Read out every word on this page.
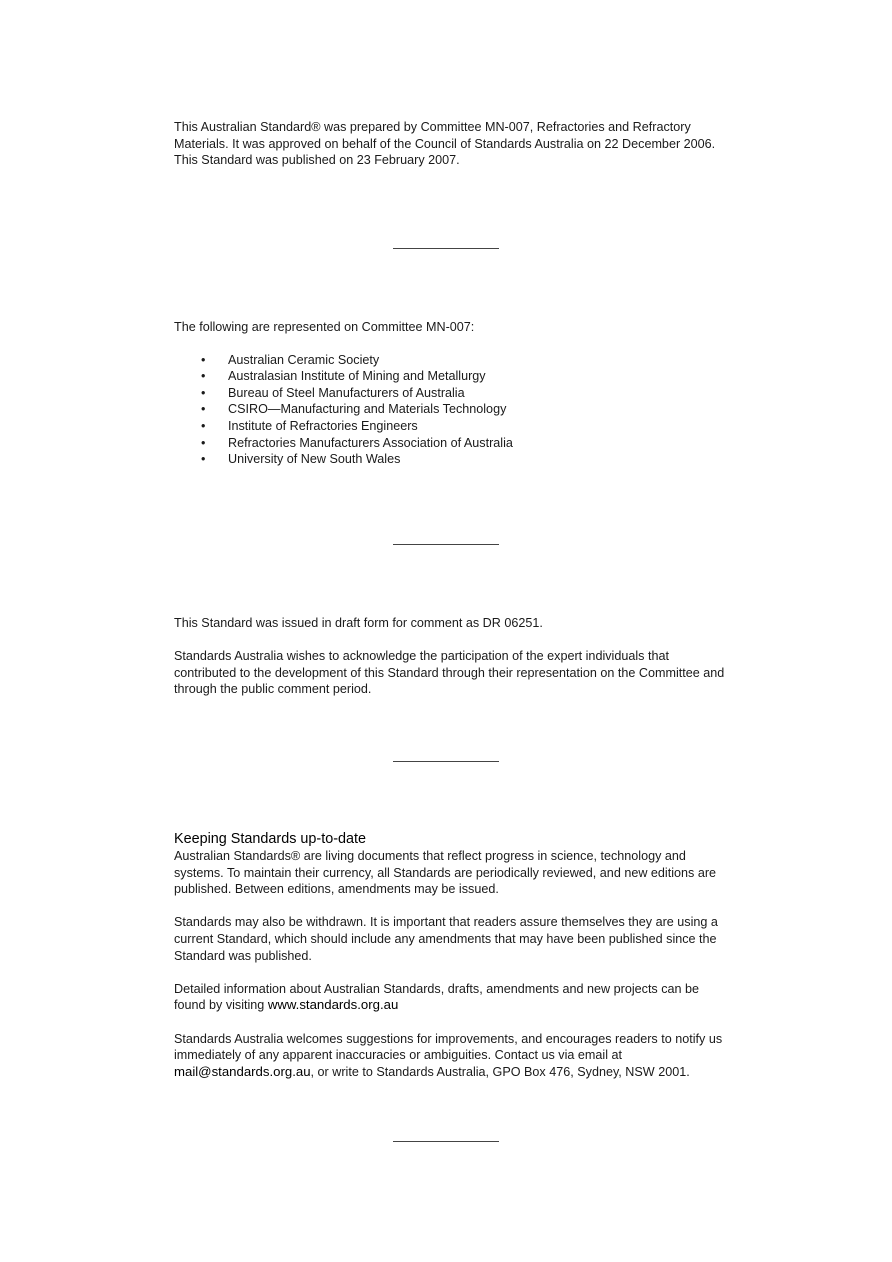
This Australian Standard® was prepared by Committee MN-007, Refractories and Refractory Materials. It was approved on behalf of the Council of Standards Australia on 22 December 2006.

This Standard was published on 23 February 2007.

The following are represented on Committee MN-007:

• Australian Ceramic Society
• Australasian Institute of Mining and Metallurgy
• Bureau of Steel Manufacturers of Australia
• CSIRO—Manufacturing and Materials Technology
• Institute of Refractories Engineers
• Refractories Manufacturers Association of Australia
• University of New South Wales

This Standard was issued in draft form for comment as DR 06251.

Standards Australia wishes to acknowledge the participation of the expert individuals that contributed to the development of this Standard through their representation on the Committee and through the public comment period.

Keeping Standards up-to-date

Australian Standards® are living documents that reflect progress in science, technology and systems. To maintain their currency, all Standards are periodically reviewed, and new editions are published. Between editions, amendments may be issued.

Standards may also be withdrawn. It is important that readers assure themselves they are using a current Standard, which should include any amendments that may have been published since the Standard was published.

Detailed information about Australian Standards, drafts, amendments and new projects can be found by visiting www.standards.org.au

Standards Australia welcomes suggestions for improvements, and encourages readers to notify us immediately of any apparent inaccuracies or ambiguities. Contact us via email at mail@standards.org.au, or write to Standards Australia, GPO Box 476, Sydney, NSW 2001.
